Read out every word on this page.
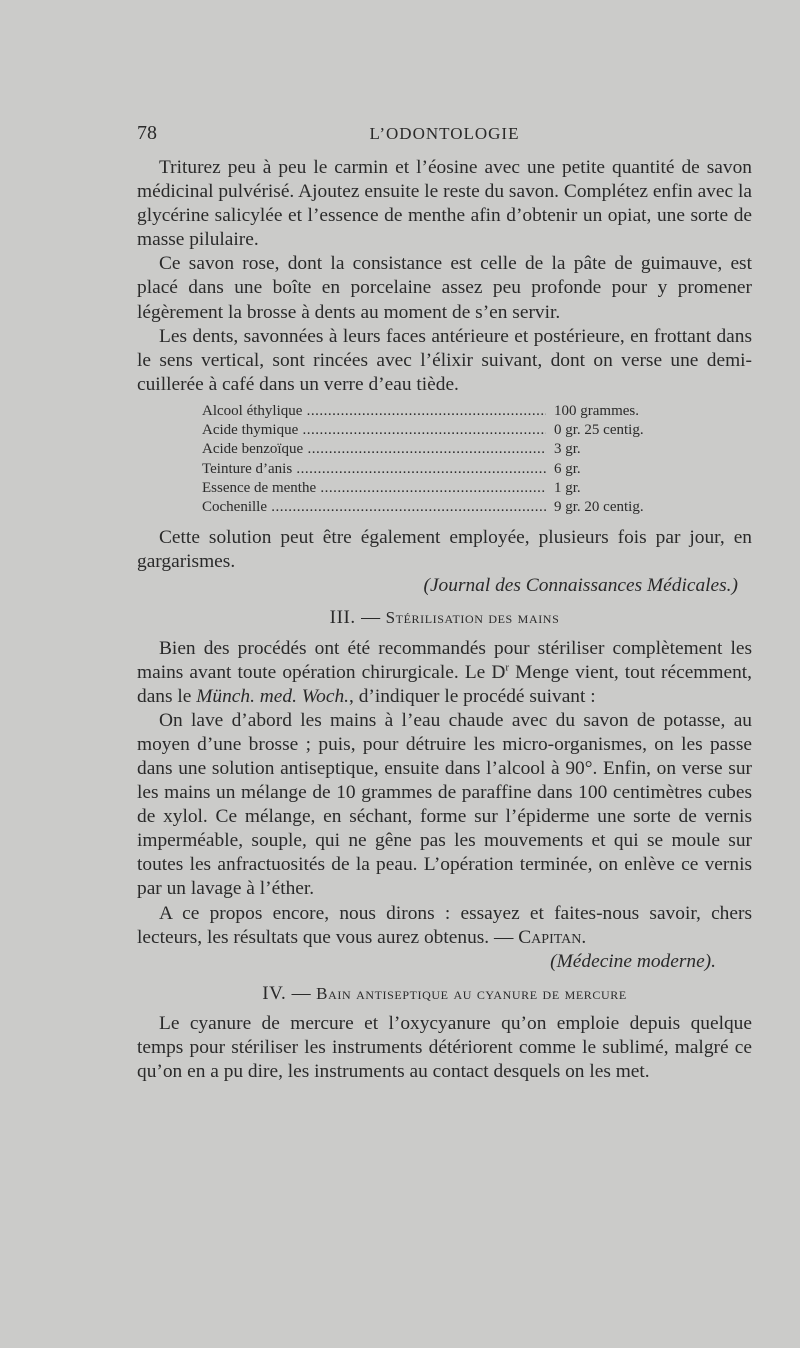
78	L’ODONTOLOGIE

Triturez peu à peu le carmin et l’éosine avec une petite quantité de savon médicinal pulvérisé. Ajoutez ensuite le reste du savon. Complétez enfin avec la glycérine salicylée et l’essence de menthe afin d’obtenir un opiat, une sorte de masse pilulaire.

Ce savon rose, dont la consistance est celle de la pâte de guimauve, est placé dans une boîte en porcelaine assez peu profonde pour y promener légèrement la brosse à dents au moment de s’en servir.

Les dents, savonnées à leurs faces antérieure et postérieure, en frottant dans le sens vertical, sont rincées avec l’élixir suivant, dont on verse une demi-cuillerée à café dans un verre d’eau tiède.

Alcool éthylique .....	100 grammes.
Acide thymique .....	0 gr. 25 centig.
Acide benzoïque .....	3 gr.
Teinture d’anis .....	6 gr.
Essence de menthe .....	1 gr.
Cochenille .....	9 gr. 20 centig.

Cette solution peut être également employée, plusieurs fois par jour, en gargarismes.

(Journal des Connaissances Médicales.)
III. — Stérilisation des mains

Bien des procédés ont été recommandés pour stériliser complètement les mains avant toute opération chirurgicale. Le $D^r$ Menge vient, tout récemment, dans le Münch. med. Woch., d’indiquer le procédé suivant :

On lave d’abord les mains à l’eau chaude avec du savon de potasse, au moyen d’une brosse ; puis, pour détruire les micro-organismes, on les passe dans une solution antiseptique, ensuite dans l’alcool à 90°. Enfin, on verse sur les mains un mélange de 10 grammes de paraffine dans 100 centimètres cubes de xylol. Ce mélange, en séchant, forme sur l’épiderme une sorte de vernis imperméable, souple, qui ne gêne pas les mouvements et qui se moule sur toutes les anfractuosités de la peau. L’opération terminée, on enlève ce vernis par un lavage à l’éther.

A ce propos encore, nous dirons : essayez et faites-nous savoir, chers lecteurs, les résultats que vous aurez obtenus. — Capitan.

(Médecine moderne).
IV. — Bain antiseptique au cyanure de mercure

Le cyanure de mercure et l’oxycyanure qu’on emploie depuis quelque temps pour stériliser les instruments détériorent comme le sublimé, malgré ce qu’on en a pu dire, les instruments au contact desquels on les met.
